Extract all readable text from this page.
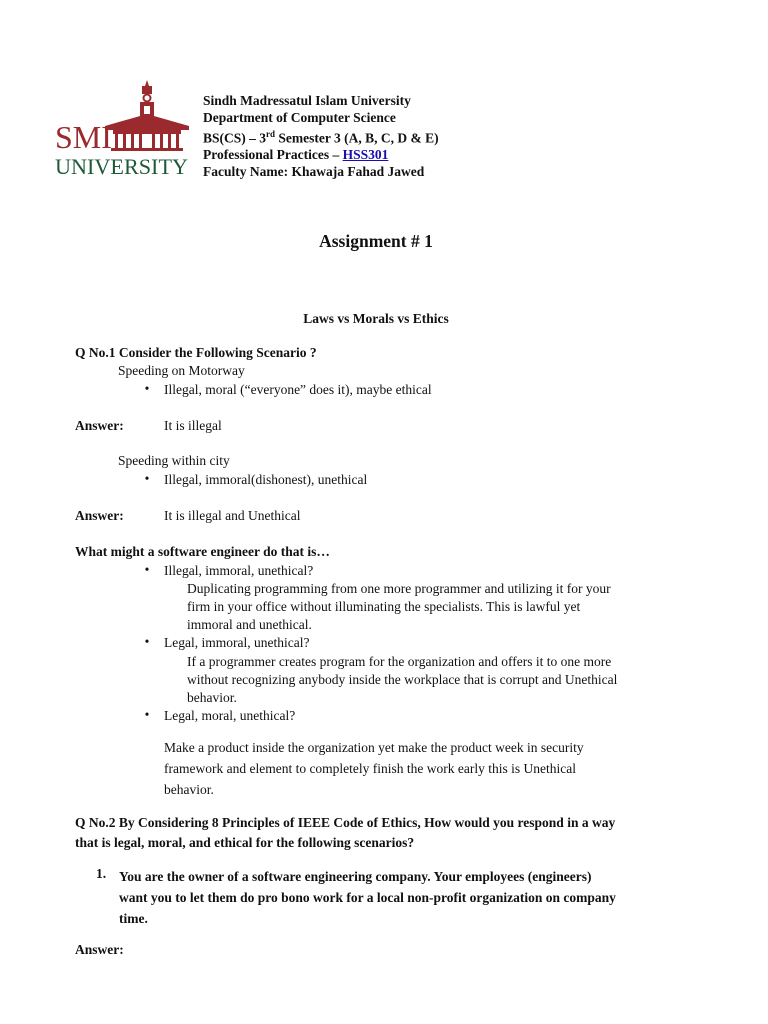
SMI
UNIVERSITY
Sindh Madressatul Islam University
Department of Computer Science
BS(CS) – 3rd Semester 3 (A, B, C, D & E)
Professional Practices – HSS301
Faculty Name: Khawaja Fahad Jawed
Assignment # 1
Laws vs Morals vs Ethics
Q No.1 Consider the Following Scenario ?
Speeding on Motorway
• Illegal, moral (“everyone” does it), maybe ethical
Answer:	It is illegal
Speeding within city
• Illegal, immoral(dishonest), unethical
Answer:	It is illegal and Unethical
What might a software engineer do that is…
• Illegal, immoral, unethical?
Duplicating programming from one more programmer and utilizing it for your
firm in your office without illuminating the specialists. This is lawful yet
immoral and unethical.
• Legal, immoral, unethical?
If a programmer creates program for the organization and offers it to one more
without recognizing anybody inside the workplace that is corrupt and Unethical
behavior.
• Legal, moral, unethical?
Make a product inside the organization yet make the product week in security
framework and element to completely finish the work early this is Unethical
behavior.
Q No.2 By Considering 8 Principles of IEEE Code of Ethics, How would you respond in a way
that is legal, moral, and ethical for the following scenarios?
1. You are the owner of a software engineering company. Your employees (engineers)
want you to let them do pro bono work for a local non-profit organization on company
time.
Answer:
